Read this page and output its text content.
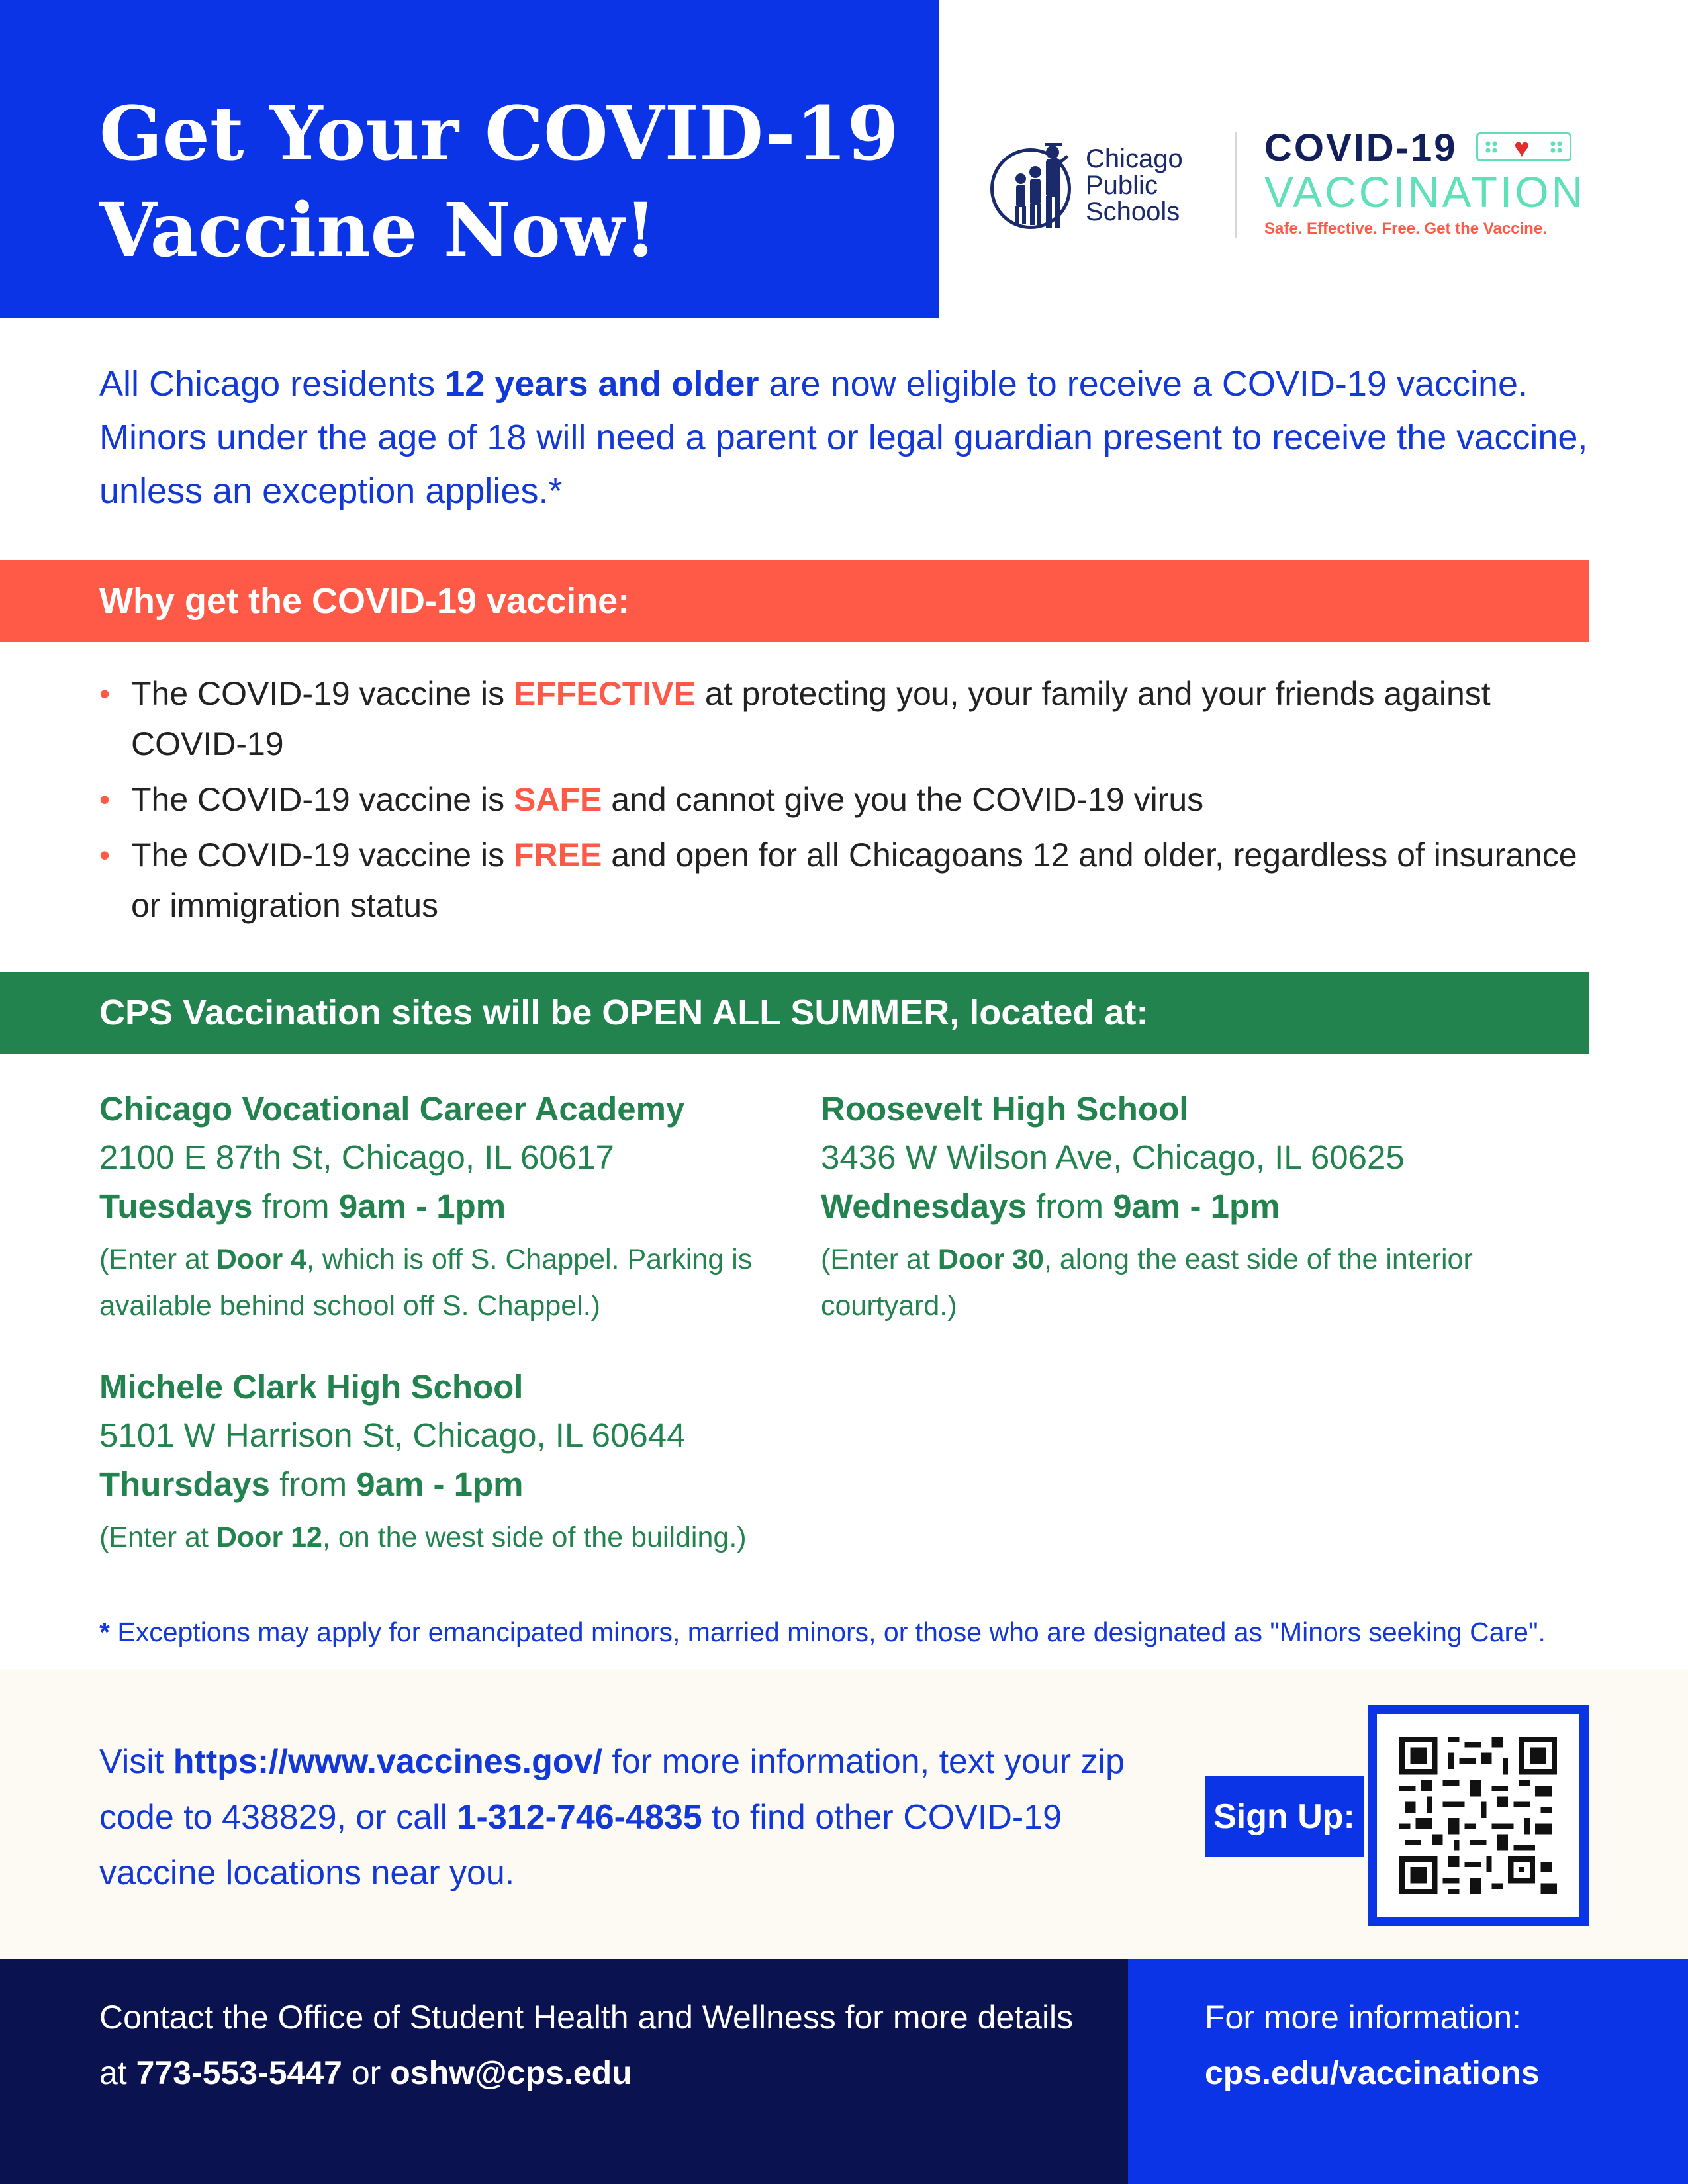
Get Your COVID-19
Vaccine Now!
Chicago
Public
Schools
COVID-19 ♥
VACCINATION
Safe. Effective. Free. Get the Vaccine.

All Chicago residents 12 years and older are now eligible to receive a COVID-19 vaccine. Minors under the age of 18 will need a parent or legal guardian present to receive the vaccine, unless an exception applies.*

Why get the COVID-19 vaccine:
• The COVID-19 vaccine is EFFECTIVE at protecting you, your family and your friends against COVID-19
• The COVID-19 vaccine is SAFE and cannot give you the COVID-19 virus
• The COVID-19 vaccine is FREE and open for all Chicagoans 12 and older, regardless of insurance or immigration status
CPS Vaccination sites will be OPEN ALL SUMMER, located at:
Chicago Vocational Career Academy
2100 E 87th St, Chicago, IL 60617
Tuesdays from 9am - 1pm
(Enter at Door 4, which is off S. Chappel. Parking is available behind school off S. Chappel.)
Roosevelt High School
3436 W Wilson Ave, Chicago, IL 60625
Wednesdays from 9am - 1pm
(Enter at Door 30, along the east side of the interior courtyard.)
Michele Clark High School
5101 W Harrison St, Chicago, IL 60644
Thursdays from 9am - 1pm
(Enter at Door 12, on the west side of the building.)

* Exceptions may apply for emancipated minors, married minors, or those who are designated as "Minors seeking Care".

Visit https://www.vaccines.gov/ for more information, text your zip code to 438829, or call 1-312-746-4835 to find other COVID-19 vaccine locations near you.

Sign Up:

Contact the Office of Student Health and Wellness for more details at 773-553-5447 or oshw@cps.edu

For more information:
cps.edu/vaccinations
